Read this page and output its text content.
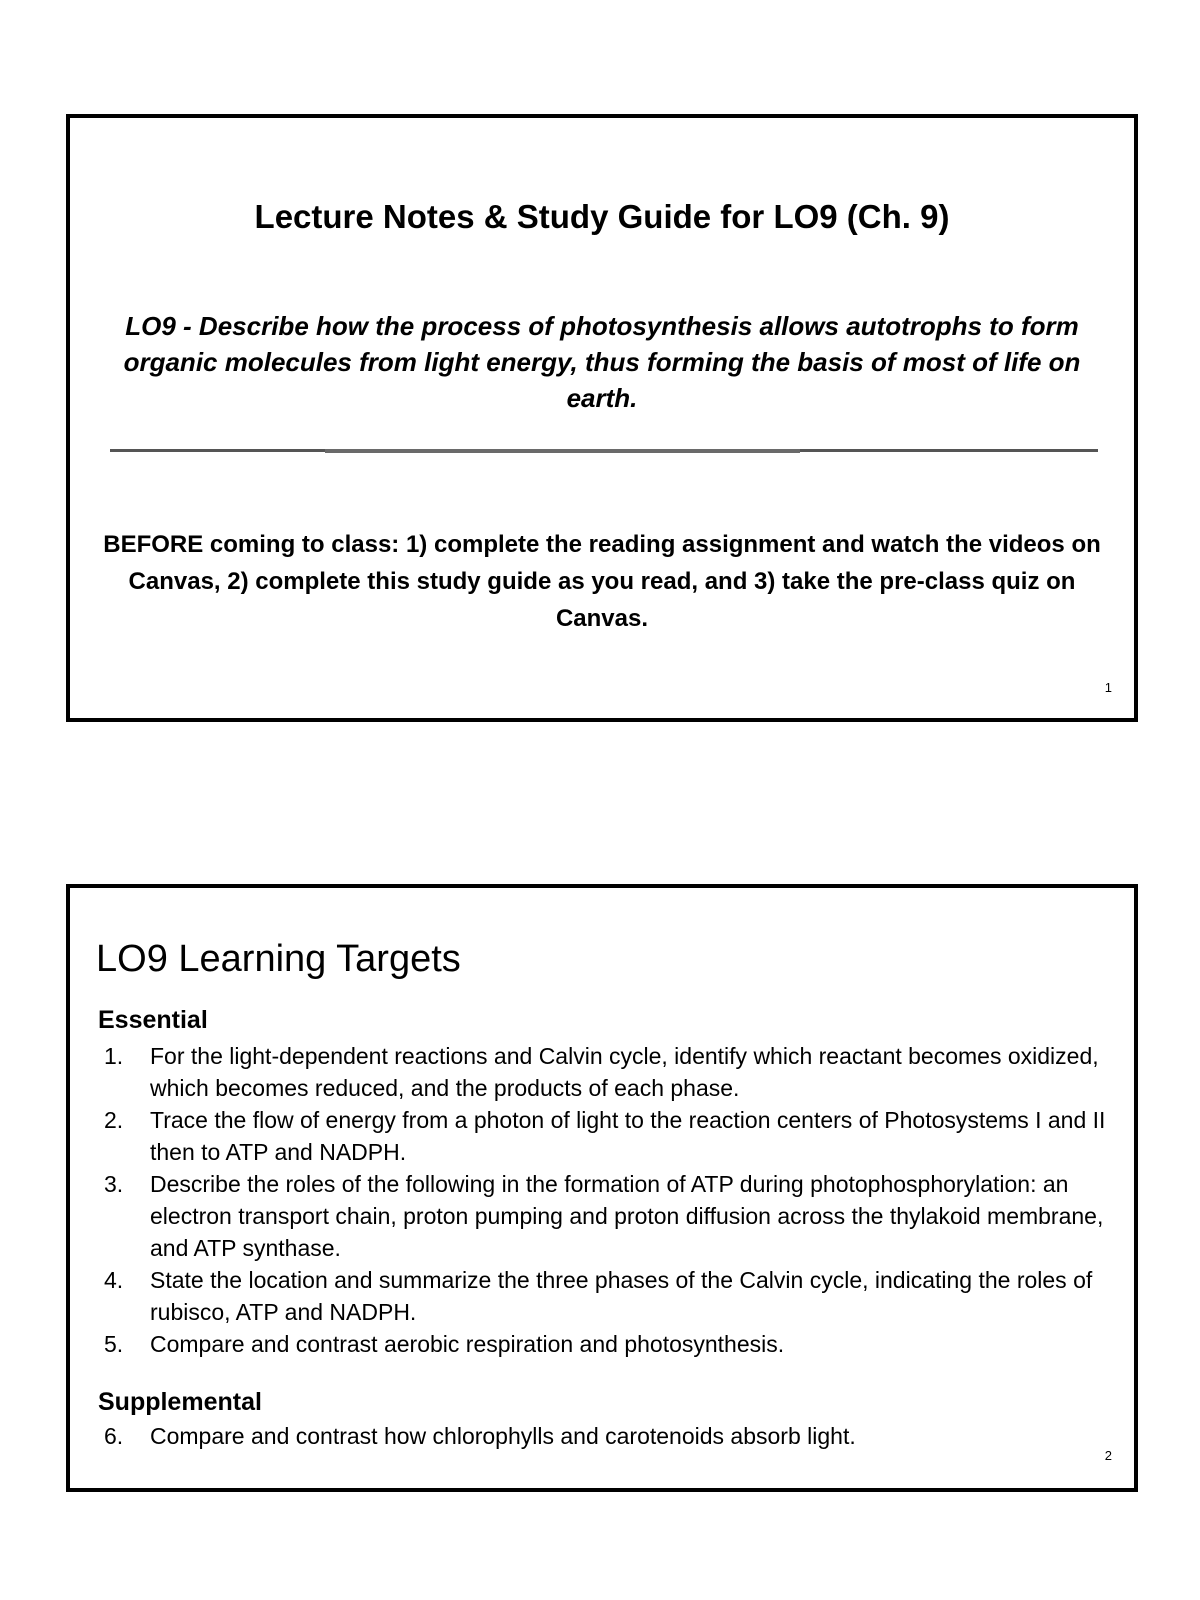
Lecture Notes & Study Guide for LO9 (Ch. 9)
LO9 - Describe how the process of photosynthesis allows autotrophs to form organic molecules from light energy, thus forming the basis of most of life on earth.
BEFORE coming to class: 1) complete the reading assignment and watch the videos on Canvas, 2) complete this study guide as you read, and 3) take the pre-class quiz on Canvas.
1
LO9 Learning Targets
Essential
1. For the light-dependent reactions and Calvin cycle, identify which reactant becomes oxidized, which becomes reduced, and the products of each phase.
2. Trace the flow of energy from a photon of light to the reaction centers of Photosystems I and II then to ATP and NADPH.
3. Describe the roles of the following in the formation of ATP during photophosphorylation: an electron transport chain, proton pumping and proton diffusion across the thylakoid membrane, and ATP synthase.
4. State the location and summarize the three phases of the Calvin cycle, indicating the roles of rubisco, ATP and NADPH.
5. Compare and contrast aerobic respiration and photosynthesis.
Supplemental
6. Compare and contrast how chlorophylls and carotenoids absorb light.
2
